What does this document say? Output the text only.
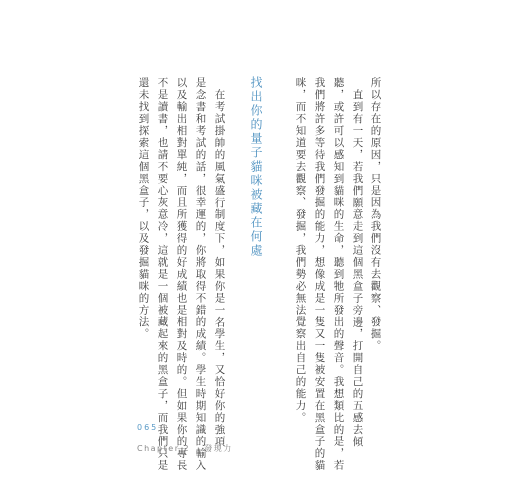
所以存在的原因，只是因為我們沒有去觀察、發掘。
直到有一天，若我們願意走到這個黑盒子旁邊，打開自己的五感去傾
聽，或許可以感知到貓咪的生命，聽到牠所發出的聲音。我想類比的是，若
我們將許多等待我們發掘的能力，想像成是一隻又一隻被安置在黑盒子的貓
咪，而不知道要去觀察、發掘，我們勢必無法覺察出自己的能力。
找出你的量子貓咪被藏在何處
在考試掛帥的風氣盛行制度下，如果你是一名學生，又恰好你的強項
是念書和考試的話，很幸運的，你將取得不錯的成績。學生時期知識的輸入
以及輸出相對單純，而且所獲得的好成績也是相對及時的。但如果你的專長
不是讀書，也請不要心灰意冷，這就是一個被藏起來的黑盒子，而我們只是
還未找到探索這個黑盒子，以及發掘貓咪的方法。
065
Chapter 2 發現力
